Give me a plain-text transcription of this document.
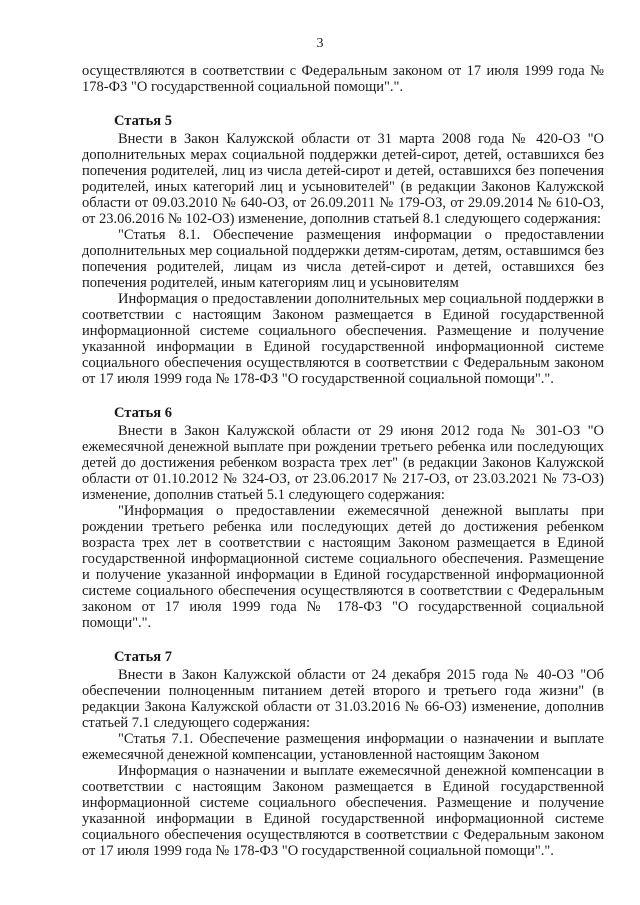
3

осуществляются в соответствии с Федеральным законом от 17 июля 1999 года № 178-ФЗ "О государственной социальной помощи".".

Статья 5

Внести в Закон Калужской области от 31 марта 2008 года № 420-ОЗ "О дополнительных мерах социальной поддержки детей-сирот, детей, оставшихся без попечения родителей, лиц из числа детей-сирот и детей, оставшихся без попечения родителей, иных категорий лиц и усыновителей" (в редакции Законов Калужской области от 09.03.2010 № 640-ОЗ, от 26.09.2011 № 179-ОЗ, от 29.09.2014 № 610-ОЗ, от 23.06.2016 № 102-ОЗ) изменение, дополнив статьей 8.1 следующего содержания:

"Статья 8.1. Обеспечение размещения информации о предоставлении дополнительных мер социальной поддержки детям-сиротам, детям, оставшимся без попечения родителей, лицам из числа детей-сирот и детей, оставшихся без попечения родителей, иным категориям лиц и усыновителям

Информация о предоставлении дополнительных мер социальной поддержки в соответствии с настоящим Законом размещается в Единой государственной информационной системе социального обеспечения. Размещение и получение указанной информации в Единой государственной информационной системе социального обеспечения осуществляются в соответствии с Федеральным законом от 17 июля 1999 года № 178-ФЗ "О государственной социальной помощи".".

Статья 6

Внести в Закон Калужской области от 29 июня 2012 года № 301-ОЗ "О ежемесячной денежной выплате при рождении третьего ребенка или последующих детей до достижения ребенком возраста трех лет" (в редакции Законов Калужской области от 01.10.2012 № 324-ОЗ, от 23.06.2017 № 217-ОЗ, от 23.03.2021 № 73-ОЗ) изменение, дополнив статьей 5.1 следующего содержания:

"Информация о предоставлении ежемесячной денежной выплаты при рождении третьего ребенка или последующих детей до достижения ребенком возраста трех лет в соответствии с настоящим Законом размещается в Единой государственной информационной системе социального обеспечения. Размещение и получение указанной информации в Единой государственной информационной системе социального обеспечения осуществляются в соответствии с Федеральным законом от 17 июля 1999 года № 178-ФЗ "О государственной социальной помощи".".

Статья 7

Внести в Закон Калужской области от 24 декабря 2015 года № 40-ОЗ "Об обеспечении полноценным питанием детей второго и третьего года жизни" (в редакции Закона Калужской области от 31.03.2016 № 66-ОЗ) изменение, дополнив статьей 7.1 следующего содержания:

"Статья 7.1. Обеспечение размещения информации о назначении и выплате ежемесячной денежной компенсации, установленной настоящим Законом

Информация о назначении и выплате ежемесячной денежной компенсации в соответствии с настоящим Законом размещается в Единой государственной информационной системе социального обеспечения. Размещение и получение указанной информации в Единой государственной информационной системе социального обеспечения осуществляются в соответствии с Федеральным законом от 17 июля 1999 года № 178-ФЗ "О государственной социальной помощи".".
